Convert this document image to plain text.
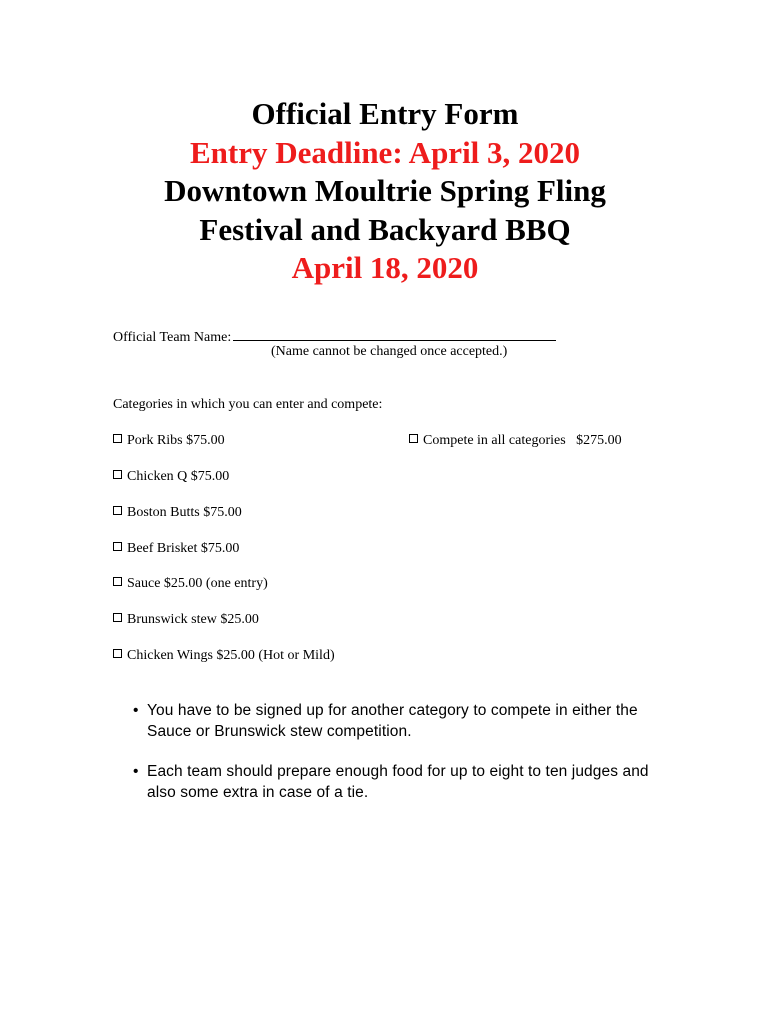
Official Entry Form
Entry Deadline: April 3, 2020
Downtown Moultrie Spring Fling
Festival and Backyard BBQ
April 18, 2020
Official Team Name:
(Name cannot be changed once accepted.)
Categories in which you can enter and compete:
Pork Ribs $75.00
Chicken Q $75.00
Boston Butts $75.00
Beef Brisket $75.00
Sauce $25.00 (one entry)
Brunswick stew $25.00
Chicken Wings $25.00 (Hot or Mild)
Compete in all categories   $275.00
• You have to be signed up for another category to compete in either the Sauce or Brunswick stew competition.
• Each team should prepare enough food for up to eight to ten judges and also some extra in case of a tie.
